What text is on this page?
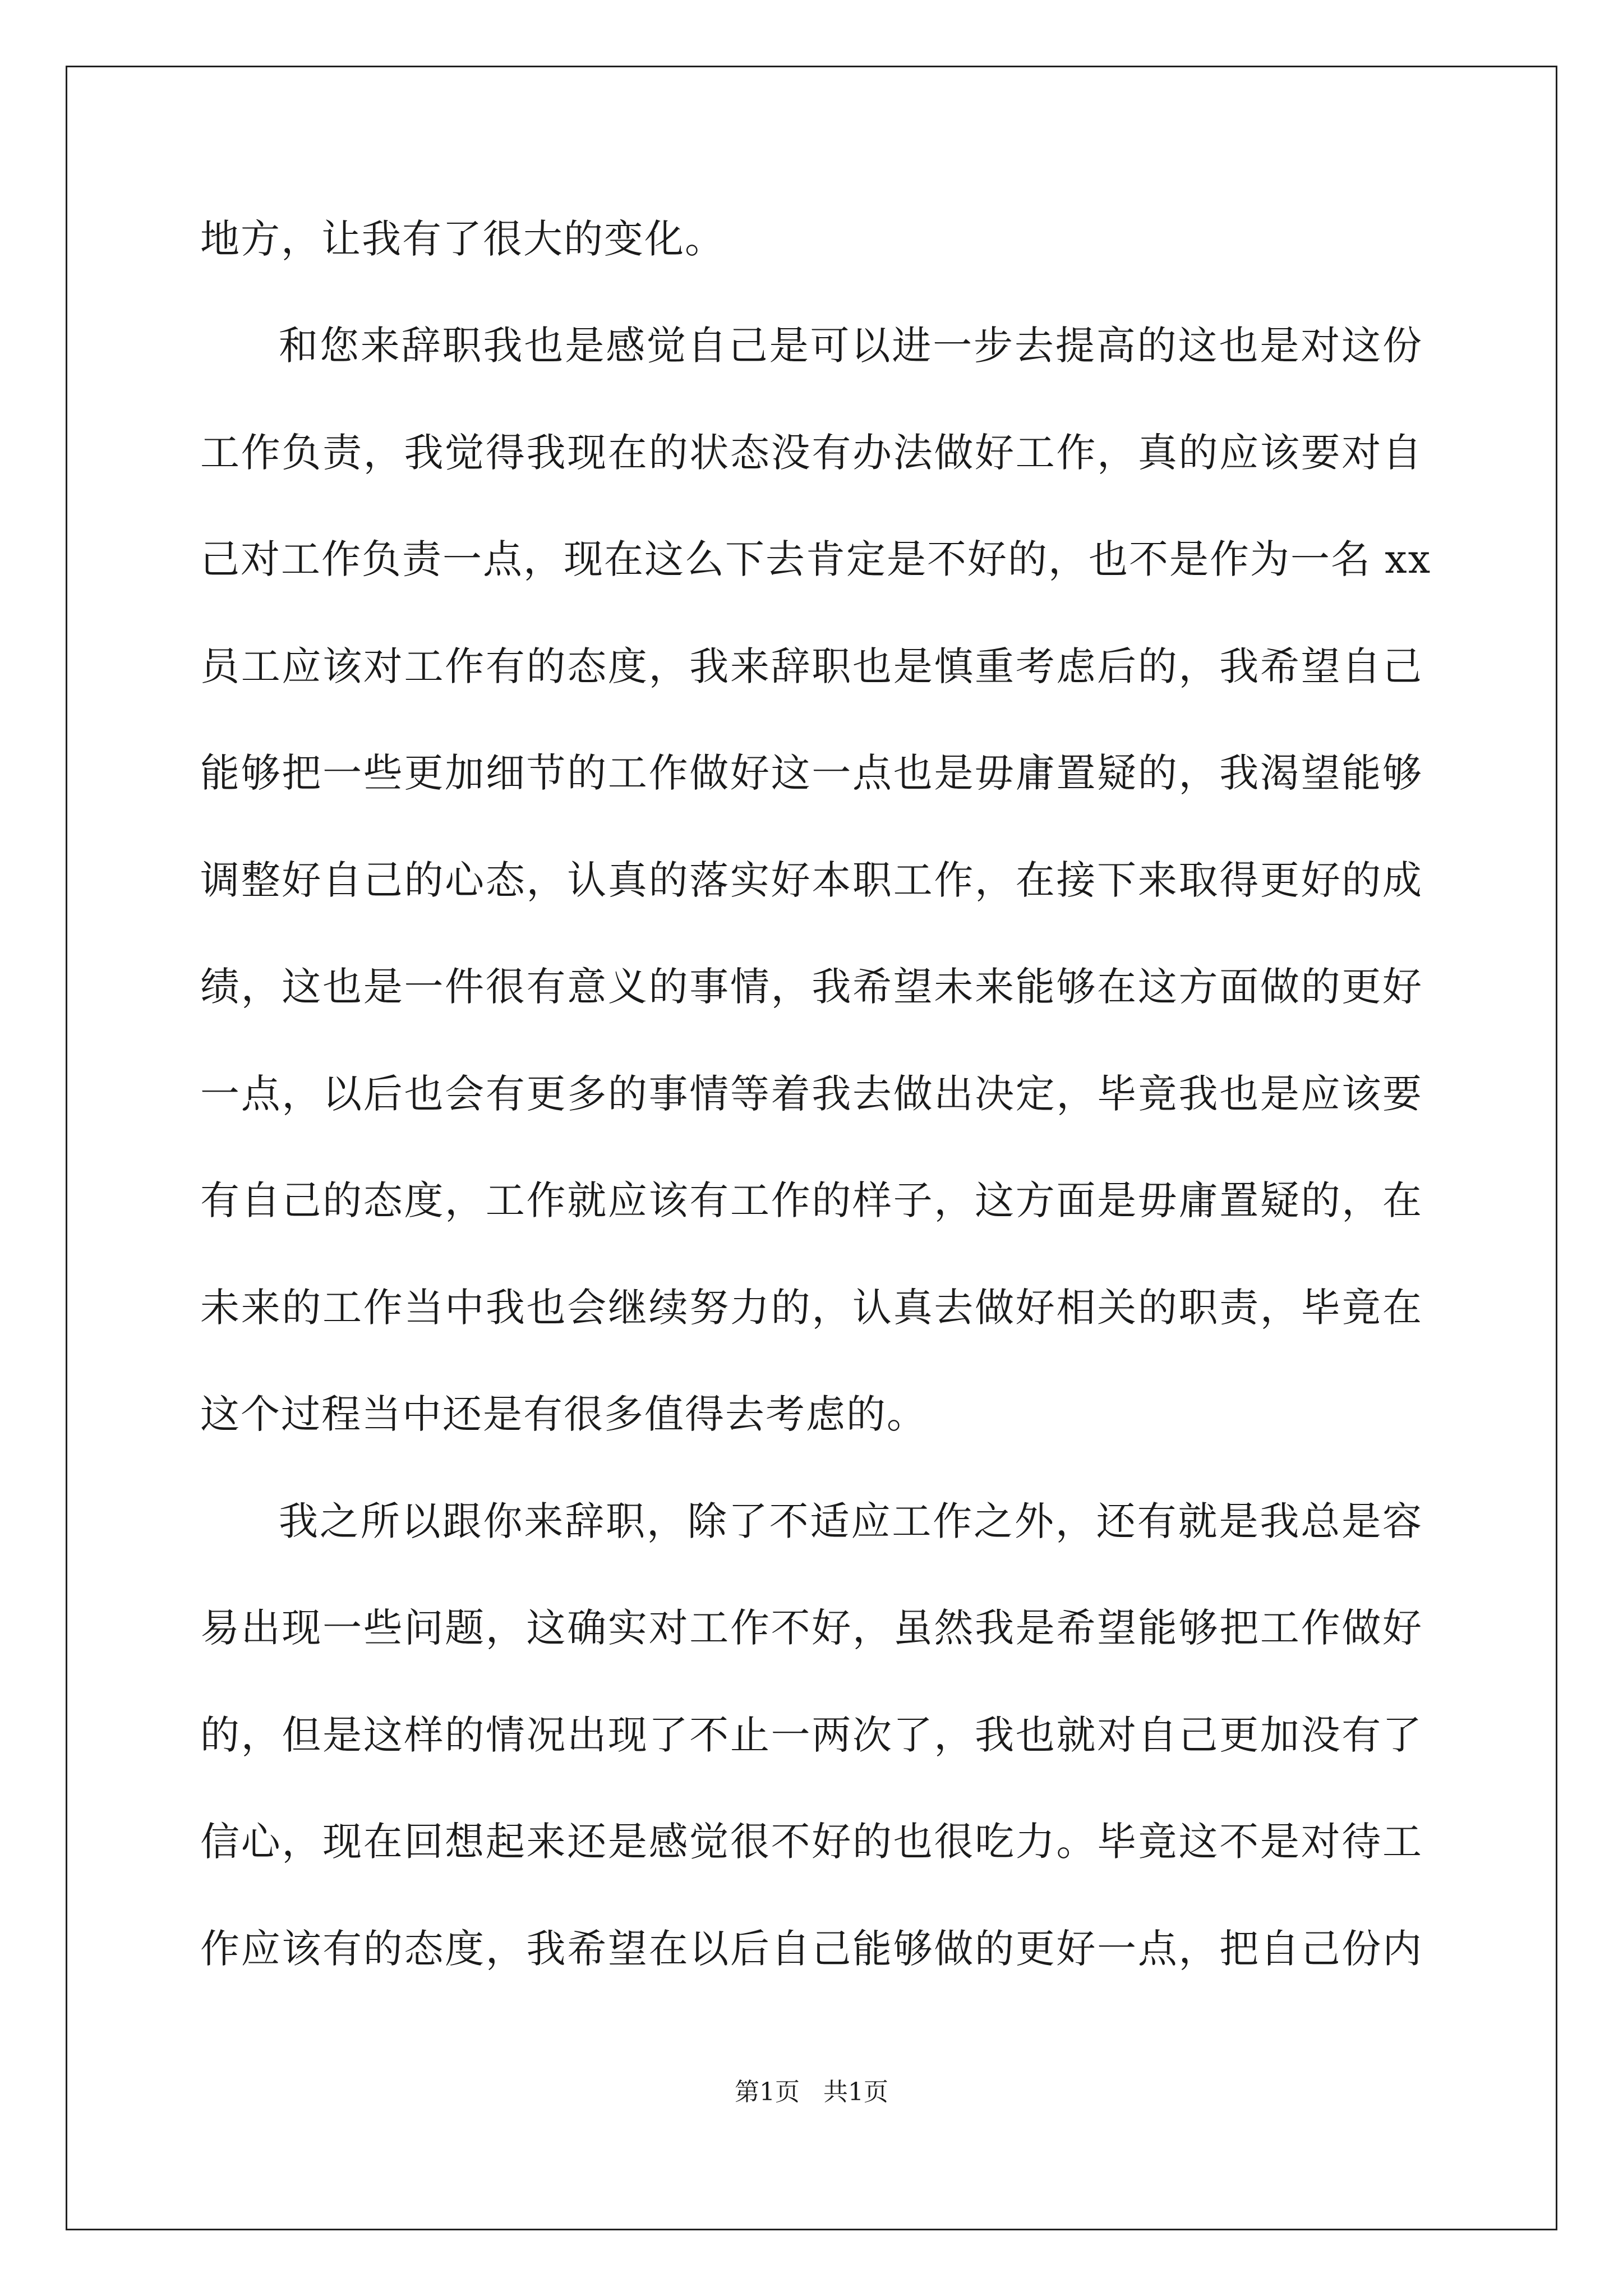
地方，让我有了很大的变化。
和您来辞职我也是感觉自己是可以进一步去提高的这也是对这份
工作负责，我觉得我现在的状态没有办法做好工作，真的应该要对自
己对工作负责一点，现在这么下去肯定是不好的，也不是作为一名 xx
员工应该对工作有的态度，我来辞职也是慎重考虑后的，我希望自己
能够把一些更加细节的工作做好这一点也是毋庸置疑的，我渴望能够
调整好自己的心态，认真的落实好本职工作，在接下来取得更好的成
绩，这也是一件很有意义的事情，我希望未来能够在这方面做的更好
一点，以后也会有更多的事情等着我去做出决定，毕竟我也是应该要
有自己的态度，工作就应该有工作的样子，这方面是毋庸置疑的，在
未来的工作当中我也会继续努力的，认真去做好相关的职责，毕竟在
这个过程当中还是有很多值得去考虑的。
我之所以跟你来辞职，除了不适应工作之外，还有就是我总是容
易出现一些问题，这确实对工作不好，虽然我是希望能够把工作做好
的，但是这样的情况出现了不止一两次了，我也就对自己更加没有了
信心，现在回想起来还是感觉很不好的也很吃力。毕竟这不是对待工
作应该有的态度，我希望在以后自己能够做的更好一点，把自己份内
第1页 共1页
